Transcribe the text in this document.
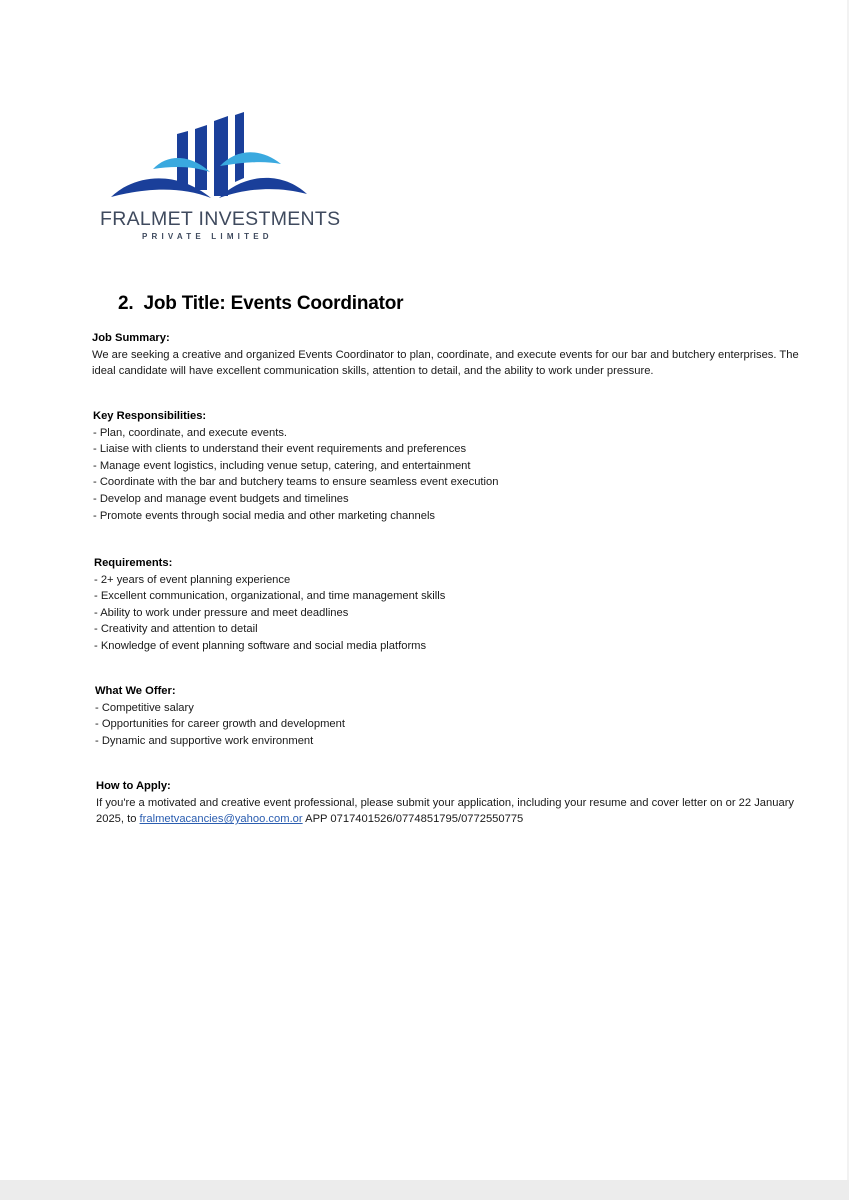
FRALMET INVESTMENTS
PRIVATE LIMITED
2. Job Title: Events Coordinator
Job Summary:
We are seeking a creative and organized Events Coordinator to plan, coordinate, and execute events for our bar and butchery enterprises. The
ideal candidate will have excellent communication skills, attention to detail, and the ability to work under pressure.
Key Responsibilities:
- Plan, coordinate, and execute events.
- Liaise with clients to understand their event requirements and preferences
- Manage event logistics, including venue setup, catering, and entertainment
- Coordinate with the bar and butchery teams to ensure seamless event execution
- Develop and manage event budgets and timelines
- Promote events through social media and other marketing channels
Requirements:
- 2+ years of event planning experience
- Excellent communication, organizational, and time management skills
- Ability to work under pressure and meet deadlines
- Creativity and attention to detail
- Knowledge of event planning software and social media platforms
What We Offer:
- Competitive salary
- Opportunities for career growth and development
- Dynamic and supportive work environment
How to Apply:
If you're a motivated and creative event professional, please submit your application, including your resume and cover letter on or 22 January
2025, to fralmetvacancies@yahoo.com.or APP 0717401526/0774851795/0772550775
